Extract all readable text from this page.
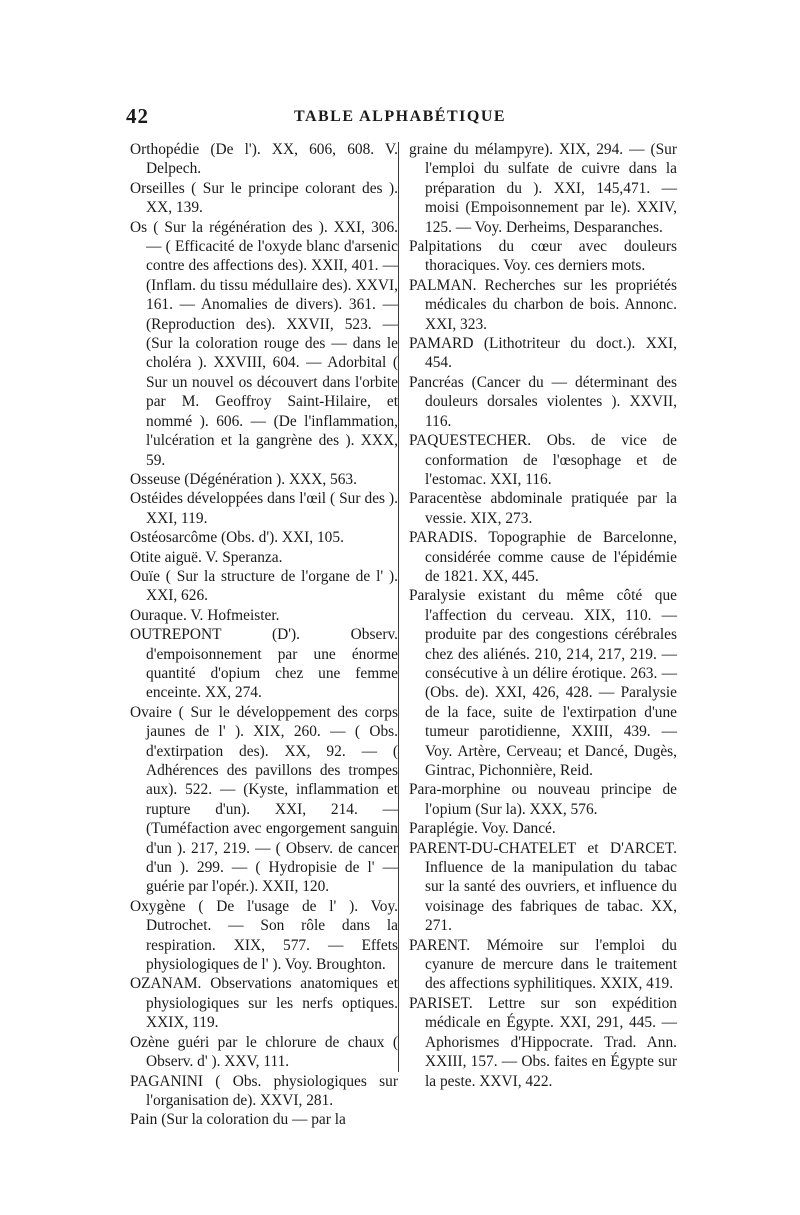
42	TABLE ALPHABÉTIQUE

Orthopédie (De l'). XX, 606, 608. V. Delpech.

Orseilles ( Sur le principe colorant des ). XX, 139.

Os ( Sur la régénération des ). XXI, 306. — ( Efficacité de l'oxyde blanc d'arsenic contre des affections des). XXII, 401. — (Inflam. du tissu médullaire des). XXVI, 161. — Anomalies de divers). 361. — (Reproduction des). XXVII, 523. — (Sur la coloration rouge des — dans le choléra ). XXVIII, 604. — Adorbital ( Sur un nouvel os découvert dans l'orbite par M. Geoffroy Saint-Hilaire, et nommé ). 606. — (De l'inflammation, l'ulcération et la gangrène des ). XXX, 59.

Osseuse (Dégénération ). XXX, 563.

Ostéides développées dans l'œil ( Sur des ). XXI, 119.

Ostéosarcôme (Obs. d'). XXI, 105.

Otite aiguë. V. Speranza.

Ouïe ( Sur la structure de l'organe de l' ). XXI, 626.

Ouraque. V. Hofmeister.

OUTREPONT (D'). Observ. d'empoisonnement par une énorme quantité d'opium chez une femme enceinte. XX, 274.

Ovaire ( Sur le développement des corps jaunes de l' ). XIX, 260. — ( Obs. d'extirpation des). XX, 92. — ( Adhérences des pavillons des trompes aux). 522. — (Kyste, inflammation et rupture d'un). XXI, 214. — (Tuméfaction avec engorgement sanguin d'un ). 217, 219. — ( Observ. de cancer d'un ). 299. — ( Hydropisie de l' — guérie par l'opér.). XXII, 120.

Oxygène ( De l'usage de l' ). Voy. Dutrochet. — Son rôle dans la respiration. XIX, 577. — Effets physiologiques de l' ). Voy. Broughton.

OZANAM. Observations anatomiques et physiologiques sur les nerfs optiques. XXIX, 119.

Ozène guéri par le chlorure de chaux ( Observ. d' ). XXV, 111.

PAGANINI ( Obs. physiologiques sur l'organisation de). XXVI, 281.

Pain (Sur la coloration du — par la

graine du mélampyre). XIX, 294. — (Sur l'emploi du sulfate de cuivre dans la préparation du ). XXI, 145,471. — moisi (Empoisonnement par le). XXIV, 125. — Voy. Derheims, Desparanches.

Palpitations du cœur avec douleurs thoraciques. Voy. ces derniers mots.

PALMAN. Recherches sur les propriétés médicales du charbon de bois. Annonc. XXI, 323.

PAMARD (Lithotriteur du doct.). XXI, 454.

Pancréas (Cancer du — déterminant des douleurs dorsales violentes ). XXVII, 116.

PAQUESTECHER. Obs. de vice de conformation de l'œsophage et de l'estomac. XXI, 116.

Paracentèse abdominale pratiquée par la vessie. XIX, 273.

PARADIS. Topographie de Barcelonne, considérée comme cause de l'épidémie de 1821. XX, 445.

Paralysie existant du même côté que l'affection du cerveau. XIX, 110. — produite par des congestions cérébrales chez des aliénés. 210, 214, 217, 219. — consécutive à un délire érotique. 263. — (Obs. de). XXI, 426, 428. — Paralysie de la face, suite de l'extirpation d'une tumeur parotidienne, XXIII, 439. — Voy. Artère, Cerveau; et Dancé, Dugès, Gintrac, Pichonnière, Reid.

Para-morphine ou nouveau principe de l'opium (Sur la). XXX, 576.

Paraplégie. Voy. Dancé.

PARENT-DU-CHATELET et D'ARCET. Influence de la manipulation du tabac sur la santé des ouvriers, et influence du voisinage des fabriques de tabac. XX, 271.

PARENT. Mémoire sur l'emploi du cyanure de mercure dans le traitement des affections syphilitiques. XXIX, 419.

PARISET. Lettre sur son expédition médicale en Égypte. XXI, 291, 445. — Aphorismes d'Hippocrate. Trad. Ann. XXIII, 157. — Obs. faites en Égypte sur la peste. XXVI, 422.
